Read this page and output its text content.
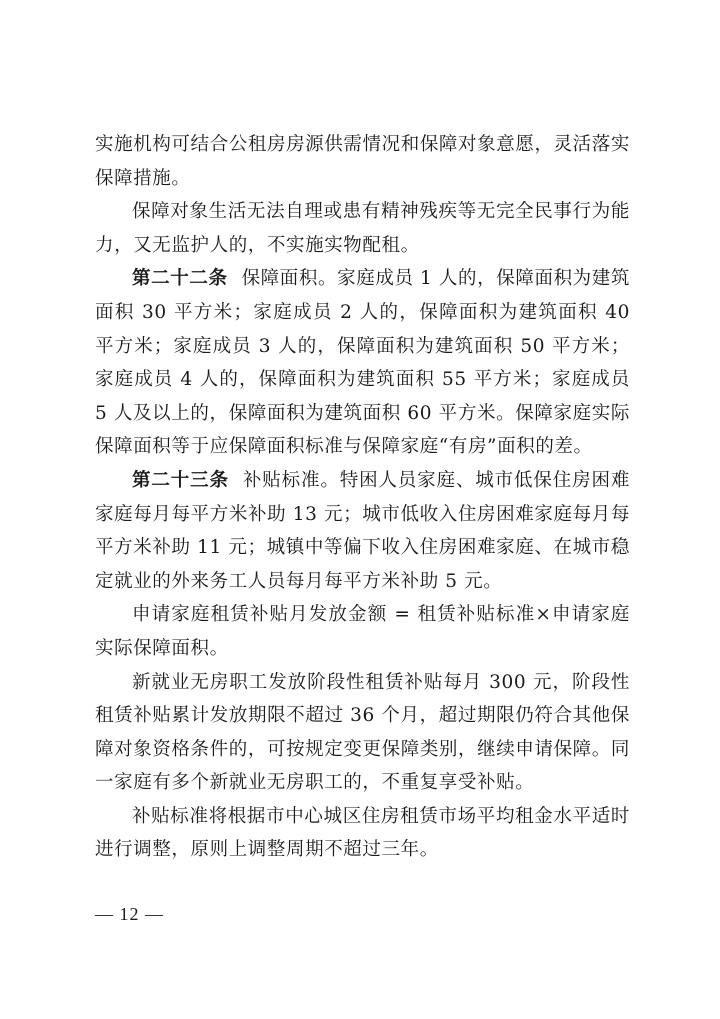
实施机构可结合公租房房源供需情况和保障对象意愿，灵活落实保障措施。

保障对象生活无法自理或患有精神残疾等无完全民事行为能力，又无监护人的，不实施实物配租。

第二十二条 保障面积。家庭成员 1 人的，保障面积为建筑面积 30 平方米；家庭成员 2 人的，保障面积为建筑面积 40 平方米；家庭成员 3 人的，保障面积为建筑面积 50 平方米；家庭成员 4 人的，保障面积为建筑面积 55 平方米；家庭成员 5 人及以上的，保障面积为建筑面积 60 平方米。保障家庭实际保障面积等于应保障面积标准与保障家庭“有房”面积的差。

第二十三条 补贴标准。特困人员家庭、城市低保住房困难家庭每月每平方米补助 13 元；城市低收入住房困难家庭每月每平方米补助 11 元；城镇中等偏下收入住房困难家庭、在城市稳定就业的外来务工人员每月每平方米补助 5 元。

申请家庭租赁补贴月发放金额 = 租赁补贴标准×申请家庭实际保障面积。

新就业无房职工发放阶段性租赁补贴每月 300 元，阶段性租赁补贴累计发放期限不超过 36 个月，超过期限仍符合其他保障对象资格条件的，可按规定变更保障类别，继续申请保障。同一家庭有多个新就业无房职工的，不重复享受补贴。

补贴标准将根据市中心城区住房租赁市场平均租金水平适时进行调整，原则上调整周期不超过三年。

— 12 —
